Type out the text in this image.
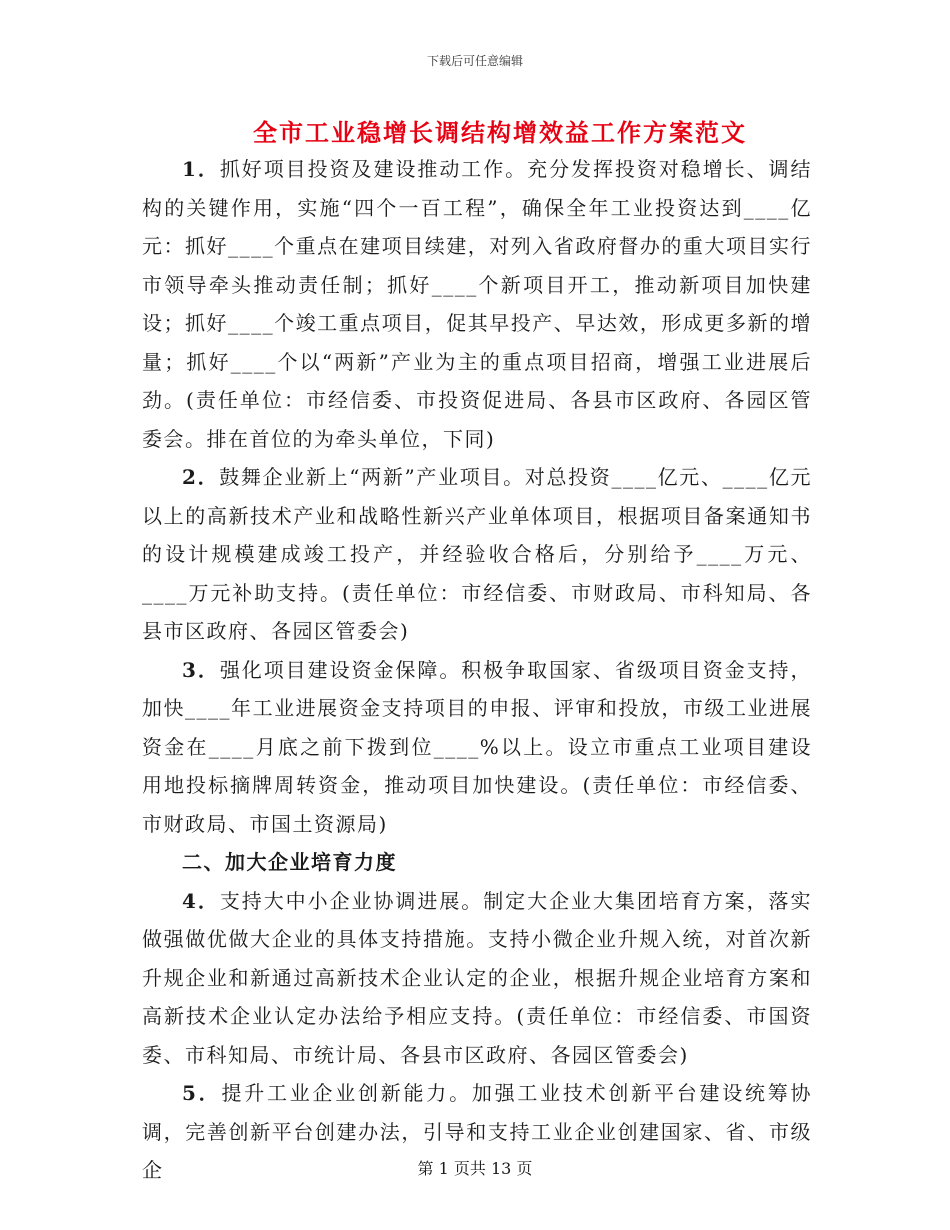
下载后可任意编辑
全市工业稳增长调结构增效益工作方案范文

1．抓好项目投资及建设推动工作。充分发挥投资对稳增长、调结构的关键作用，实施“四个一百工程”，确保全年工业投资达到____亿元：抓好____个重点在建项目续建，对列入省政府督办的重大项目实行市领导牵头推动责任制；抓好____个新项目开工，推动新项目加快建设；抓好____个竣工重点项目，促其早投产、早达效，形成更多新的增量；抓好____个以“两新”产业为主的重点项目招商，增强工业进展后劲。(责任单位：市经信委、市投资促进局、各县市区政府、各园区管委会。排在首位的为牵头单位，下同)

2．鼓舞企业新上“两新”产业项目。对总投资____亿元、____亿元以上的高新技术产业和战略性新兴产业单体项目，根据项目备案通知书的设计规模建成竣工投产，并经验收合格后，分别给予____万元、____万元补助支持。(责任单位：市经信委、市财政局、市科知局、各县市区政府、各园区管委会)

3．强化项目建设资金保障。积极争取国家、省级项目资金支持，加快____年工业进展资金支持项目的申报、评审和投放，市级工业进展资金在____月底之前下拨到位____%以上。设立市重点工业项目建设用地投标摘牌周转资金，推动项目加快建设。(责任单位：市经信委、市财政局、市国土资源局)

二、加大企业培育力度

4．支持大中小企业协调进展。制定大企业大集团培育方案，落实做强做优做大企业的具体支持措施。支持小微企业升规入统，对首次新升规企业和新通过高新技术企业认定的企业，根据升规企业培育方案和高新技术企业认定办法给予相应支持。(责任单位：市经信委、市国资委、市科知局、市统计局、各县市区政府、各园区管委会)

5．提升工业企业创新能力。加强工业技术创新平台建设统筹协调，完善创新平台创建办法，引导和支持工业企业创建国家、省、市级企	第 1 页共 13 页
